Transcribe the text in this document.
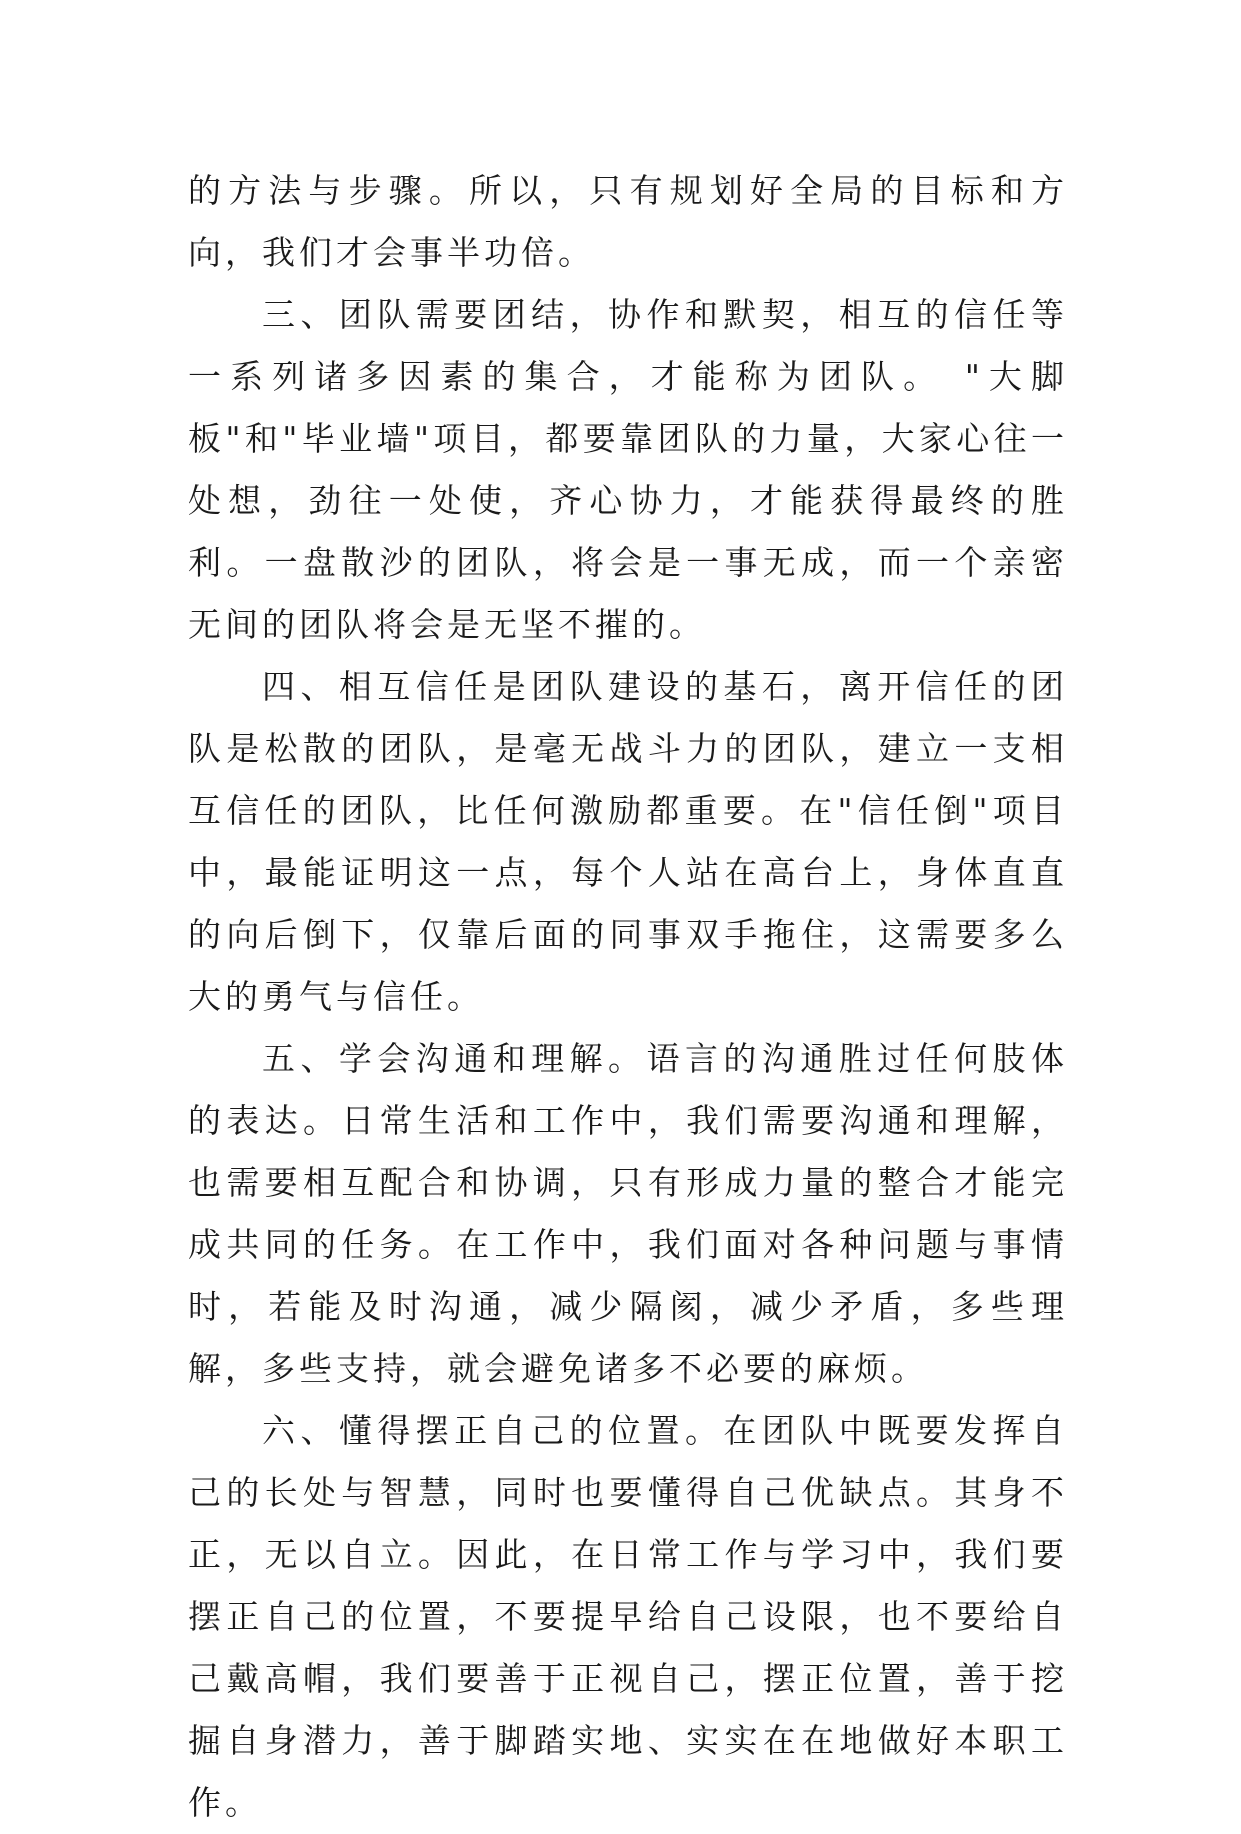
的方法与步骤。所以，只有规划好全局的目标和方向，我们才会事半功倍。

三、团队需要团结，协作和默契，相互的信任等一系列诸多因素的集合，才能称为团队。 "大脚板"和"毕业墙"项目，都要靠团队的力量，大家心往一处想，劲往一处使，齐心协力，才能获得最终的胜利。一盘散沙的团队，将会是一事无成，而一个亲密无间的团队将会是无坚不摧的。

四、相互信任是团队建设的基石，离开信任的团队是松散的团队，是毫无战斗力的团队，建立一支相互信任的团队，比任何激励都重要。在"信任倒"项目中，最能证明这一点，每个人站在高台上，身体直直的向后倒下，仅靠后面的同事双手拖住，这需要多么大的勇气与信任。

五、学会沟通和理解。语言的沟通胜过任何肢体的表达。日常生活和工作中，我们需要沟通和理解，也需要相互配合和协调，只有形成力量的整合才能完成共同的任务。在工作中，我们面对各种问题与事情时，若能及时沟通，减少隔阂，减少矛盾，多些理解，多些支持，就会避免诸多不必要的麻烦。

六、懂得摆正自己的位置。在团队中既要发挥自己的长处与智慧，同时也要懂得自己优缺点。其身不正，无以自立。因此，在日常工作与学习中，我们要摆正自己的位置，不要提早给自己设限，也不要给自己戴高帽，我们要善于正视自己，摆正位置，善于挖掘自身潜力，善于脚踏实地、实实在在地做好本职工作。
